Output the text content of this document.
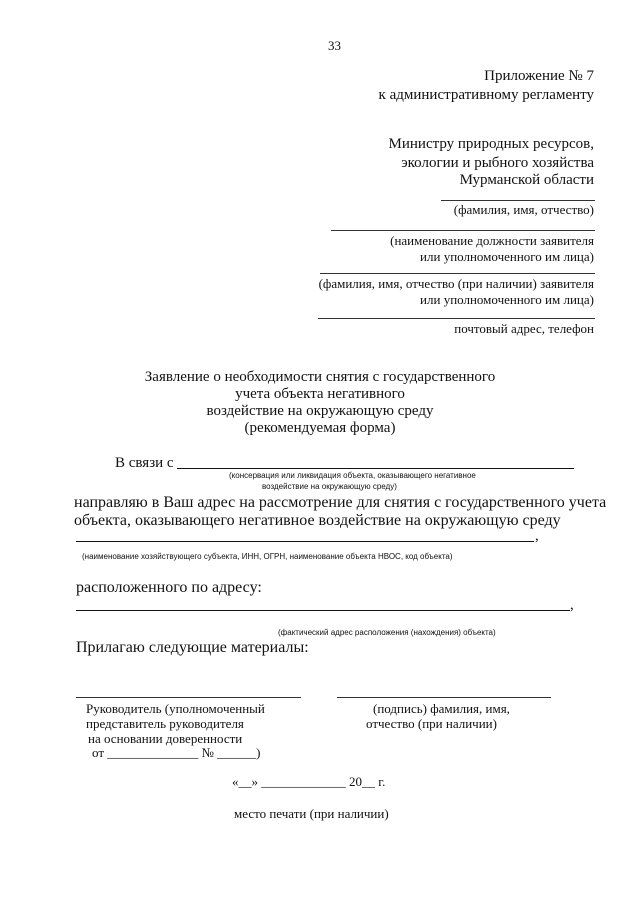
33
Приложение № 7
к административному регламенту
Министру природных ресурсов,
экологии и рыбного хозяйства
Мурманской области
(фамилия, имя, отчество)
(наименование должности заявителя
или уполномоченного им лица)
(фамилия, имя, отчество (при наличии) заявителя
или уполномоченного им лица)
почтовый адрес, телефон
Заявление о необходимости снятия с государственного
учета объекта негативного
воздействие на окружающую среду
(рекомендуемая форма)
В связи с
(консервация или ликвидация объекта, оказывающего негативное
воздействие на окружающую среду)
направляю в Ваш адрес на рассмотрение для снятия с государственного учета
объекта, оказывающего негативное воздействие на окружающую среду
,
(наименование хозяйствующего субъекта, ИНН, ОГРН, наименование объекта НВОС, код объекта)
расположенного по адресу:
,
(фактический адрес расположения (нахождения) объекта)
Прилагаю следующие материалы:
Руководитель (уполномоченный
представитель руководителя
на основании доверенности
от ______________ № ______)
(подпись) фамилия, имя,
отчество (при наличии)
«__» _____________ 20__ г.
место печати (при наличии)
